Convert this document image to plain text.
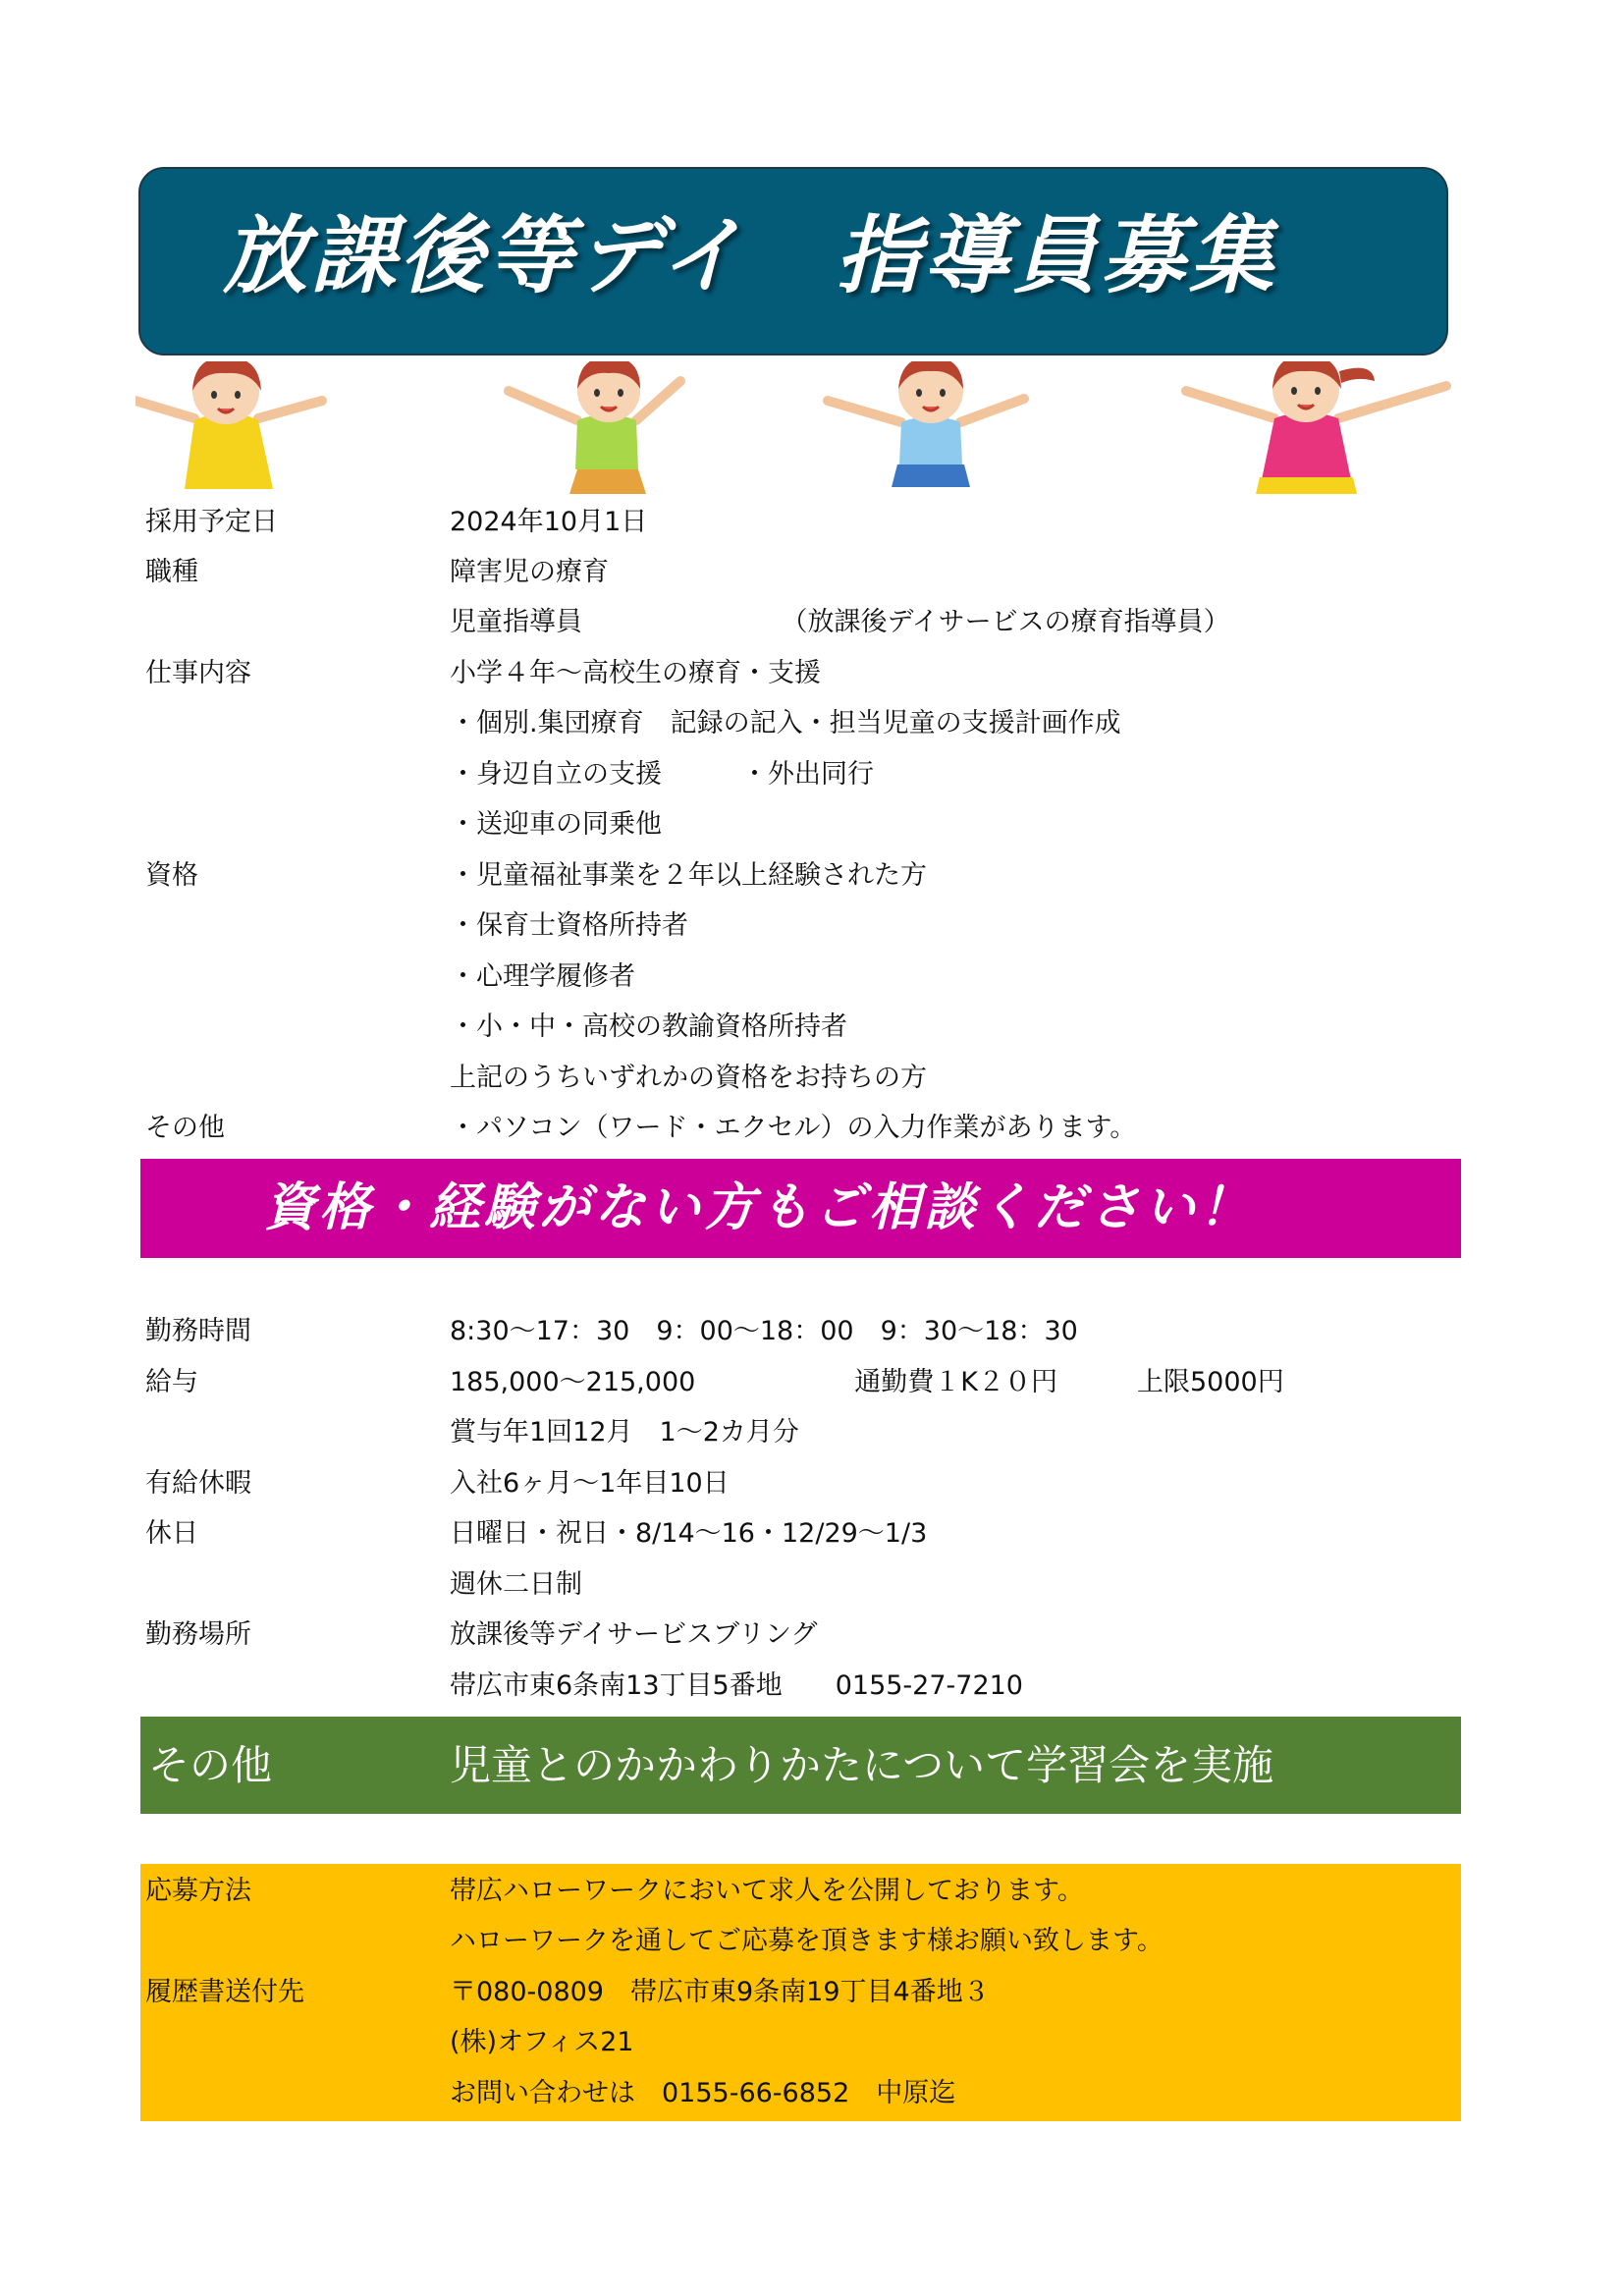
放課後等デイ　指導員募集
採用予定日	2024年10月1日
職種	障害児の療育
児童指導員　　　　　　　　（放課後デイサービスの療育指導員）
仕事内容	小学４年～高校生の療育・支援
・個別.集団療育　記録の記入・担当児童の支援計画作成
・身辺自立の支援　　　・外出同行
・送迎車の同乗他
資格	・児童福祉事業を２年以上経験された方
・保育士資格所持者
・心理学履修者
・小・中・高校の教諭資格所持者
上記のうちいずれかの資格をお持ちの方
その他	・パソコン（ワード・エクセル）の入力作業があります。
資格・経験がない方もご相談ください！
勤務時間	8:30～17：30　9：00～18：00　9：30～18：30
給与	185,000～215,000　　　　　　通勤費１K２０円　　　上限5000円
賞与年1回12月　1～2カ月分
有給休暇	入社6ヶ月～1年目10日
休日	日曜日・祝日・8/14～16・12/29～1/3
週休二日制
勤務場所	放課後等デイサービスブリング
帯広市東6条南13丁目5番地　　0155-27-7210
その他	児童とのかかわりかたについて学習会を実施
応募方法	帯広ハローワークにおいて求人を公開しております。
ハローワークを通してご応募を頂きます様お願い致します。
履歴書送付先	〒080-0809　帯広市東9条南19丁目4番地３
(株)オフィス21
お問い合わせは　0155-66-6852　中原迄
